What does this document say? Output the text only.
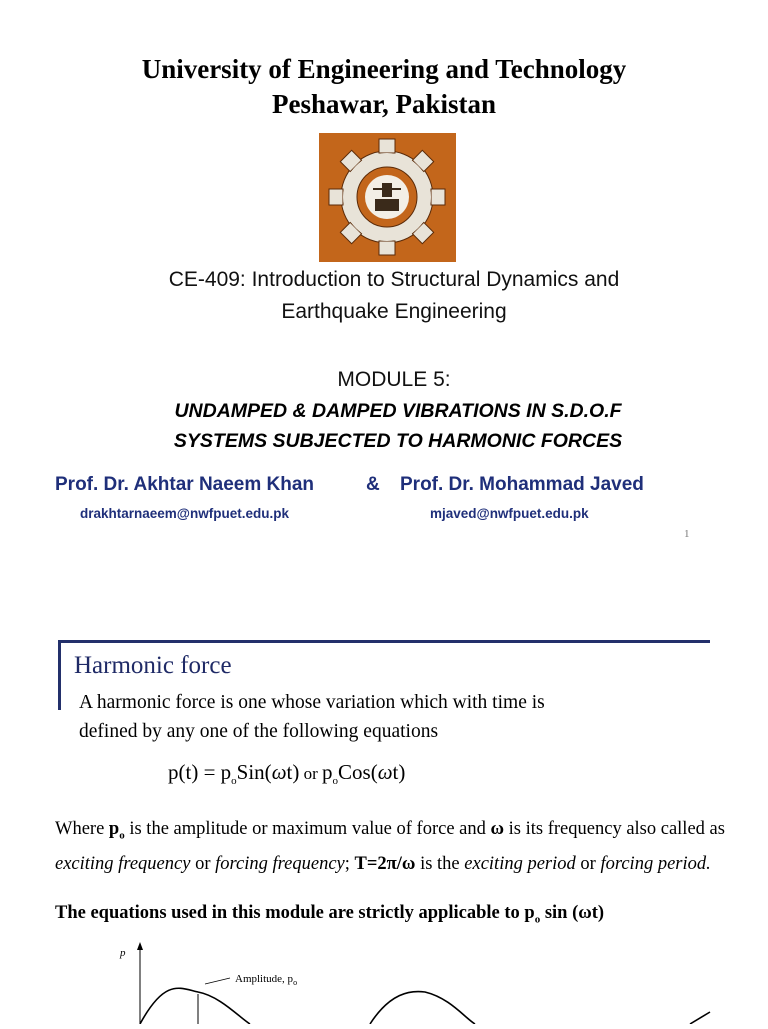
University of Engineering and Technology
Peshawar, Pakistan
CE-409: Introduction to Structural Dynamics and
Earthquake Engineering
MODULE 5:
UNDAMPED & DAMPED VIBRATIONS IN S.D.O.F
SYSTEMS SUBJECTED TO HARMONIC FORCES
Prof. Dr. Akhtar Naeem Khan	& Prof. Dr. Mohammad Javed
drakhtarnaeem@nwfpuet.edu.pk	mjaved@nwfpuet.edu.pk
1
Harmonic force
A harmonic force is one whose variation which with time is
defined by any one of the following equations
$p(t) = p_oSin(\omega t)$ or $p_oCos(\omega t)$
Where $p_o$ is the amplitude or maximum value of force and ω is its frequency also called as exciting frequency or forcing frequency; T=2π/ω is the exciting period or forcing period.
The equations used in this module are strictly applicable to $p_o$ sin (ωt)
p
Amplitude, $p_o$
